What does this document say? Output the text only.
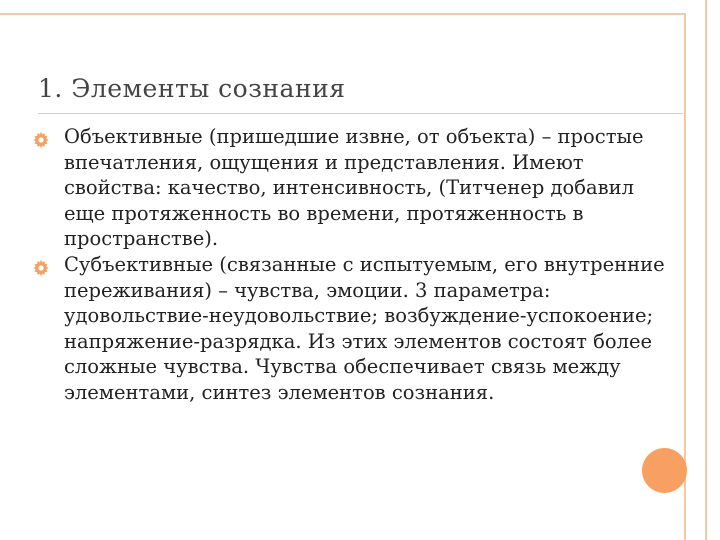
1. Элементы сознания
Объективные (пришедшие извне, от объекта) – простые впечатления, ощущения и представления. Имеют свойства: качество, интенсивность, (Титченер добавил еще протяженность во времени, протяженность в пространстве).
Субъективные (связанные с испытуемым, его внутренние переживания) – чувства, эмоции. 3 параметра: удовольствие-неудовольствие; возбуждение-успокоение; напряжение-разрядка. Из этих элементов состоят более сложные чувства. Чувства обеспечивает связь между элементами, синтез элементов сознания.
